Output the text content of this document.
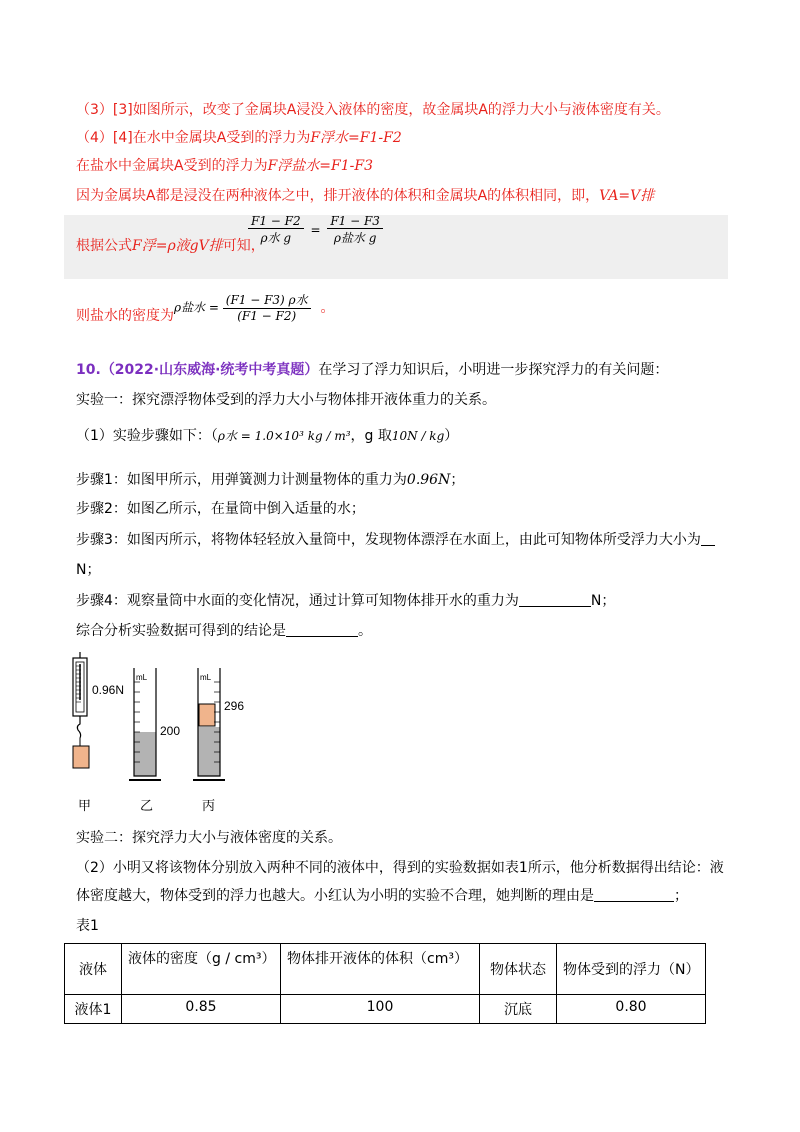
（3）[3]如图所示，改变了金属块A浸没入液体的密度，故金属块A的浮力大小与液体密度有关。
（4）[4]在水中金属块A受到的浮力为F浮水=F1-F2
在盐水中金属块A受到的浮力为F浮盐水=F1-F3
因为金属块A都是浸没在两种液体之中，排开液体的体积和金属块A的体积相同，即，VA=V排
根据公式F浮=ρ液gV排可知，
$\frac{F1 - F2}{\text{ρ水 g}} = \frac{F1 - F3}{\text{ρ盐水 g}}$
则盐水的密度为
ρ盐水 = $\frac{\text{(F1 − F3) ρ水}}{(F1 - F2)}$ 。
10.（2022·山东威海·统考中考真题）在学习了浮力知识后，小明进一步探究浮力的有关问题：
实验一：探究漂浮物体受到的浮力大小与物体排开液体重力的关系。
（1）实验步骤如下：（ρ水 = 1.0×10³ kg / m³，g 取10N / kg）
步骤1：如图甲所示，用弹簧测力计测量物体的重力为0.96N；
步骤2：如图乙所示，在量筒中倒入适量的水；
步骤3：如图丙所示，将物体轻轻放入量筒中，发现物体漂浮在水面上，由此可知物体所受浮力大小为
N；
步骤4：观察量筒中水面的变化情况，通过计算可知物体排开水的重力为	N；
综合分析实验数据可得到的结论是	。
0.96N
mL
200
mL
296
甲	乙	丙
实验二：探究浮力大小与液体密度的关系。
（2）小明又将该物体分别放入两种不同的液体中，得到的实验数据如表1所示，他分析数据得出结论：液
体密度越大，物体受到的浮力也越大。小红认为小明的实验不合理，她判断的理由是	；
表1
液体	液体的密度（g / cm³）	物体排开液体的体积（cm³）	物体状态	物体受到的浮力（N）
液体1	0.85	100	沉底	0.80
